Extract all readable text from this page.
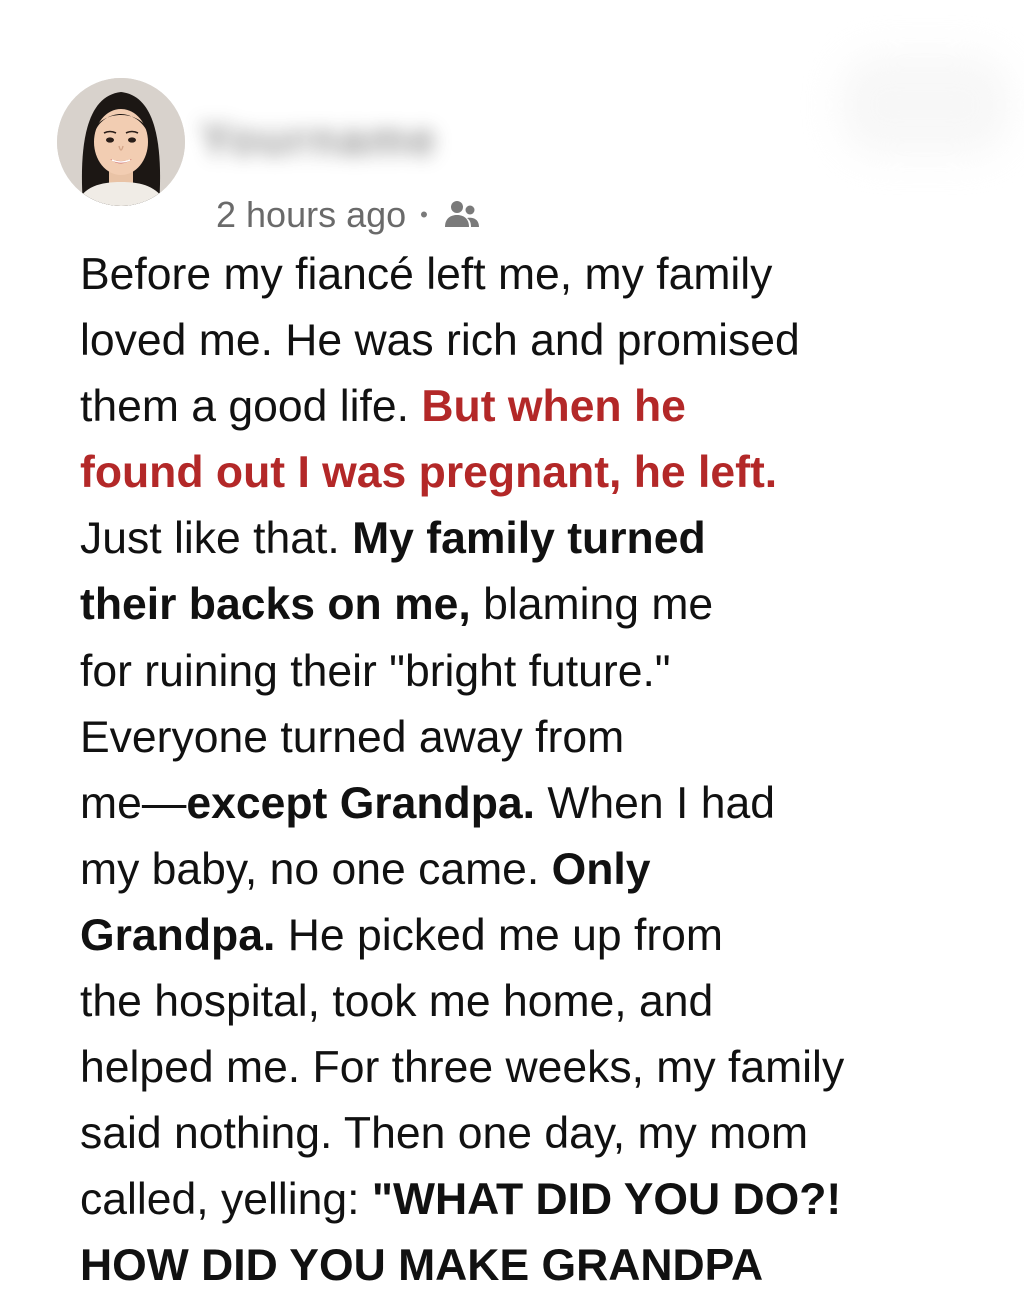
Yourname
2 hours ago •
Before my fiancé left me, my family
loved me. He was rich and promised
them a good life. But when he
found out I was pregnant, he left.
Just like that. My family turned
their backs on me, blaming me
for ruining their "bright future."
Everyone turned away from
me—except Grandpa. When I had
my baby, no one came. Only
Grandpa. He picked me up from
the hospital, took me home, and
helped me. For three weeks, my family
said nothing. Then one day, my mom
called, yelling: "WHAT DID YOU DO?!
HOW DID YOU MAKE GRANDPA
